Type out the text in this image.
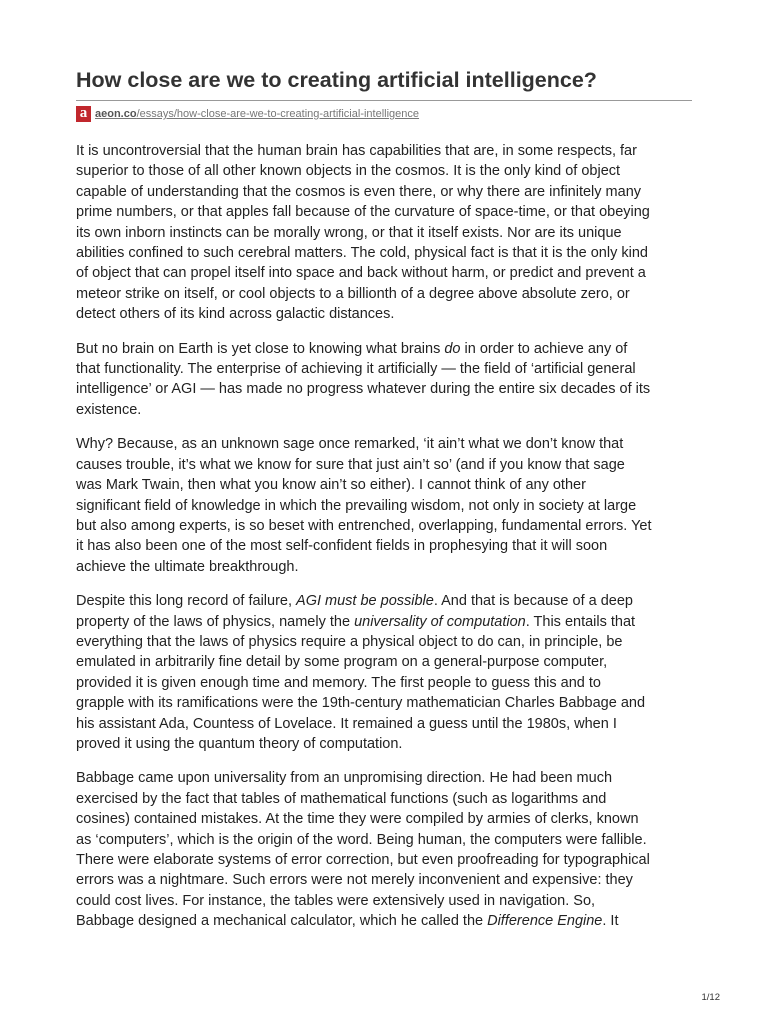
How close are we to creating artificial intelligence?
a aeon.co/essays/how-close-are-we-to-creating-artificial-intelligence

It is uncontroversial that the human brain has capabilities that are, in some respects, far
superior to those of all other known objects in the cosmos. It is the only kind of object
capable of understanding that the cosmos is even there, or why there are infinitely many
prime numbers, or that apples fall because of the curvature of space-time, or that obeying
its own inborn instincts can be morally wrong, or that it itself exists. Nor are its unique
abilities confined to such cerebral matters. The cold, physical fact is that it is the only kind
of object that can propel itself into space and back without harm, or predict and prevent a
meteor strike on itself, or cool objects to a billionth of a degree above absolute zero, or
detect others of its kind across galactic distances.

But no brain on Earth is yet close to knowing what brains do in order to achieve any of
that functionality. The enterprise of achieving it artificially — the field of ‘artificial general
intelligence’ or AGI — has made no progress whatever during the entire six decades of its
existence.

Why? Because, as an unknown sage once remarked, ‘it ain’t what we don’t know that
causes trouble, it’s what we know for sure that just ain’t so’ (and if you know that sage
was Mark Twain, then what you know ain’t so either). I cannot think of any other
significant field of knowledge in which the prevailing wisdom, not only in society at large
but also among experts, is so beset with entrenched, overlapping, fundamental errors. Yet
it has also been one of the most self-confident fields in prophesying that it will soon
achieve the ultimate breakthrough.

Despite this long record of failure, AGI must be possible. And that is because of a deep
property of the laws of physics, namely the universality of computation. This entails that
everything that the laws of physics require a physical object to do can, in principle, be
emulated in arbitrarily fine detail by some program on a general-purpose computer,
provided it is given enough time and memory. The first people to guess this and to
grapple with its ramifications were the 19th-century mathematician Charles Babbage and
his assistant Ada, Countess of Lovelace. It remained a guess until the 1980s, when I
proved it using the quantum theory of computation.

Babbage came upon universality from an unpromising direction. He had been much
exercised by the fact that tables of mathematical functions (such as logarithms and
cosines) contained mistakes. At the time they were compiled by armies of clerks, known
as ‘computers’, which is the origin of the word. Being human, the computers were fallible.
There were elaborate systems of error correction, but even proofreading for typographical
errors was a nightmare. Such errors were not merely inconvenient and expensive: they
could cost lives. For instance, the tables were extensively used in navigation. So,
Babbage designed a mechanical calculator, which he called the Difference Engine. It

1/12
